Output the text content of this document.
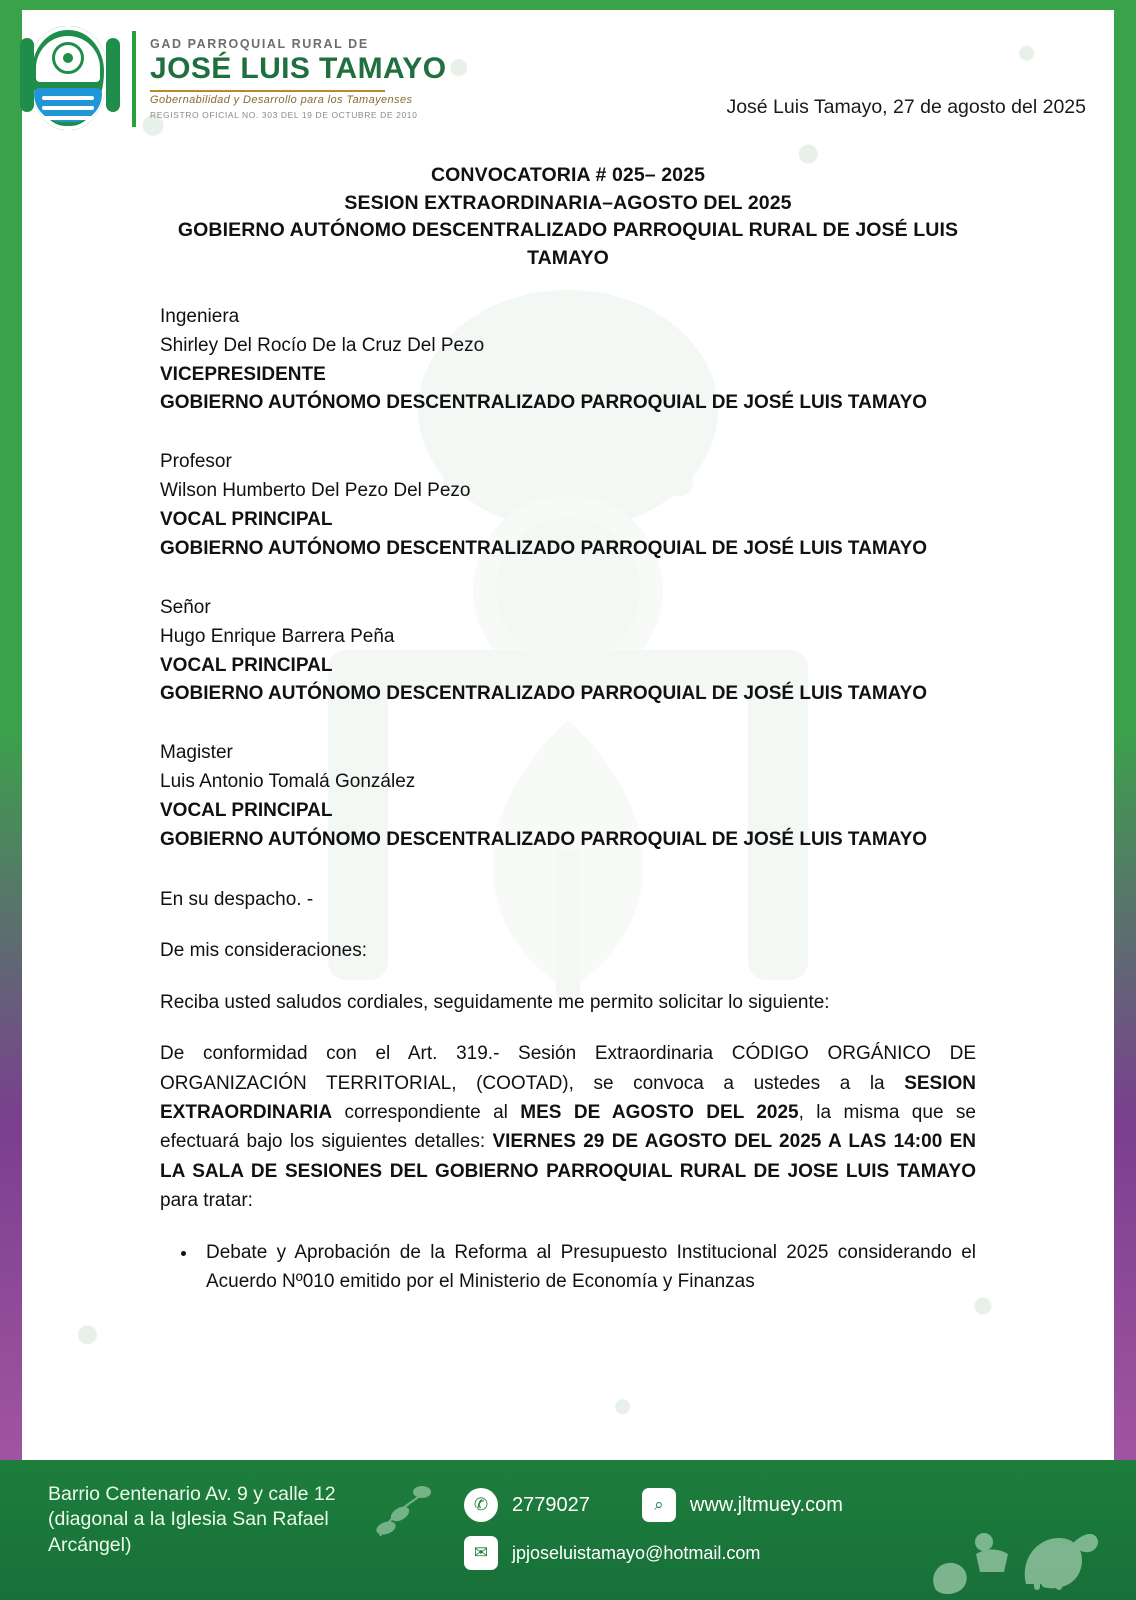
GAD PARROQUIAL RURAL DE
JOSÉ LUIS TAMAYO
Gobernabilidad y Desarrollo para los Tamayenses
REGISTRO OFICIAL NO. 303 DEL 19 DE OCTUBRE DE 2010	José Luis Tamayo, 27 de agosto del 2025
CONVOCATORIA # 025– 2025
SESION EXTRAORDINARIA–AGOSTO DEL 2025
GOBIERNO AUTÓNOMO DESCENTRALIZADO PARROQUIAL RURAL DE JOSÉ LUIS TAMAYO
Ingeniera
Shirley Del Rocío De la Cruz Del Pezo
VICEPRESIDENTE
GOBIERNO AUTÓNOMO DESCENTRALIZADO PARROQUIAL DE JOSÉ LUIS TAMAYO
Profesor
Wilson Humberto Del Pezo Del Pezo
VOCAL PRINCIPAL
GOBIERNO AUTÓNOMO DESCENTRALIZADO PARROQUIAL DE JOSÉ LUIS TAMAYO
Señor
Hugo Enrique Barrera Peña
VOCAL PRINCIPAL
GOBIERNO AUTÓNOMO DESCENTRALIZADO PARROQUIAL DE JOSÉ LUIS TAMAYO
Magister
Luis Antonio Tomalá González
VOCAL PRINCIPAL
GOBIERNO AUTÓNOMO DESCENTRALIZADO PARROQUIAL DE JOSÉ LUIS TAMAYO
En su despacho. -
De mis consideraciones:
Reciba usted saludos cordiales, seguidamente me permito solicitar lo siguiente:
De conformidad con el Art. 319.- Sesión Extraordinaria CÓDIGO ORGÁNICO DE ORGANIZACIÓN TERRITORIAL, (COOTAD), se convoca a ustedes a la SESION EXTRAORDINARIA correspondiente al MES DE AGOSTO DEL 2025, la misma que se efectuará bajo los siguientes detalles: VIERNES 29 DE AGOSTO DEL 2025 A LAS 14:00 EN LA SALA DE SESIONES DEL GOBIERNO PARROQUIAL RURAL DE JOSE LUIS TAMAYO para tratar:
• Debate y Aprobación de la Reforma al Presupuesto Institucional 2025 considerando el Acuerdo Nº010 emitido por el Ministerio de Economía y Finanzas
Barrio Centenario Av. 9 y calle 12 (diagonal a la Iglesia San Rafael Arcángel)
✆	2779027	⌕	www.jltmuey.com
✉	jpjoseluistamayo@hotmail.com
